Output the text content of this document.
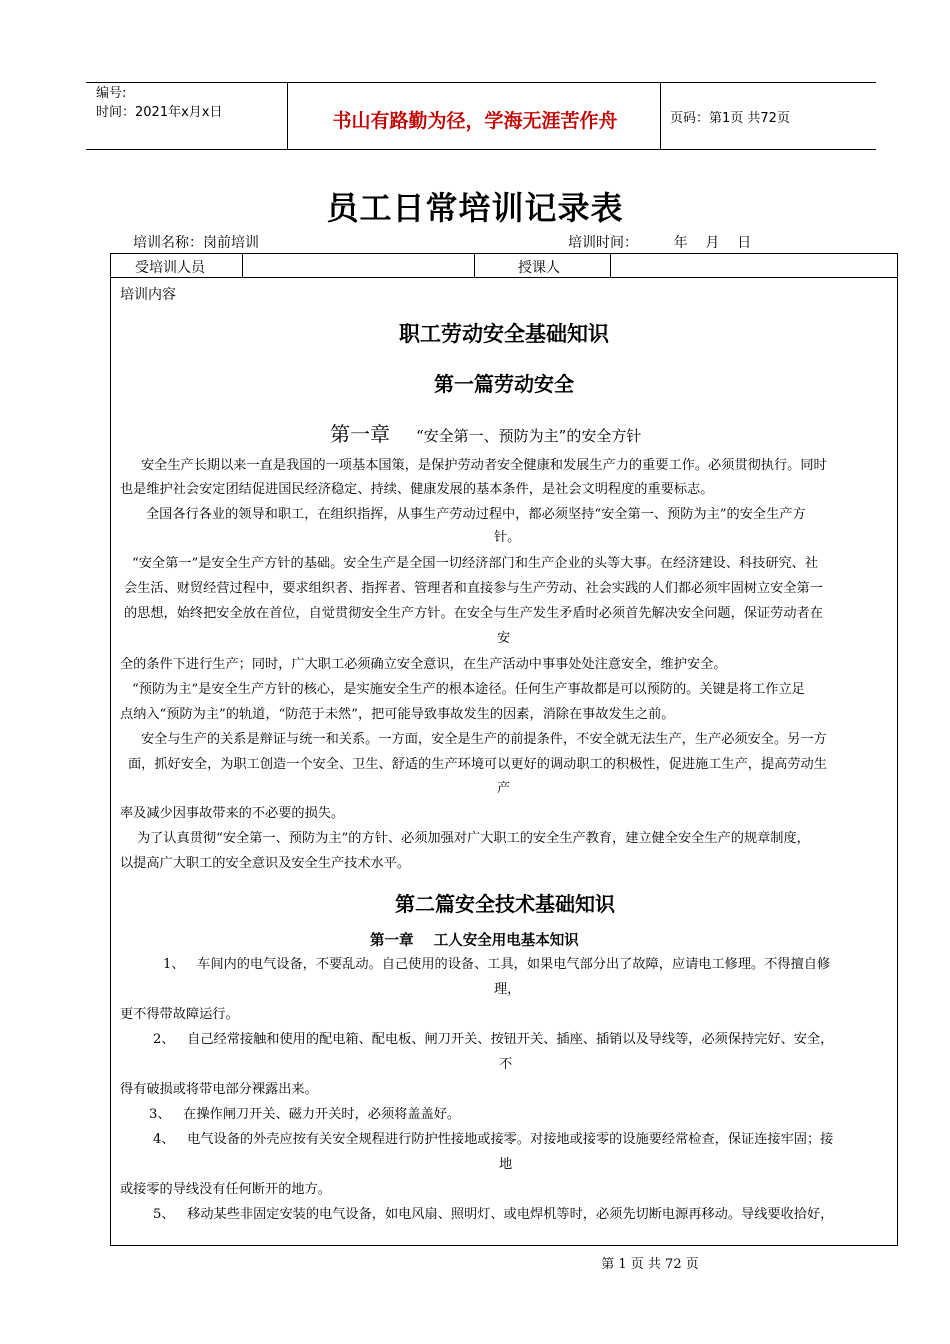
编号:
时间：2021年x月x日	书山有路勤为径，学海无涯苦作舟	页码：第1页 共72页
员工日常培训记录表
培训名称：岗前培训	培训时间：        年    月    日
受培训人员	授课人
培训内容
职工劳动安全基础知识
第一篇劳动安全
第一章 “安全第一、预防为主”的安全方针
安全生产长期以来一直是我国的一项基本国策，是保护劳动者安全健康和发展生产力的重要工作。必须贯彻执行。同时
也是维护社会安定团结促进国民经济稳定、持续、健康发展的基本条件，是社会文明程度的重要标志。
全国各行各业的领导和职工，在组织指挥，从事生产劳动过程中，都必须坚持“安全第一、预防为主”的安全生产方
针。
“安全第一”是安全生产方针的基础。安全生产是全国一切经济部门和生产企业的头等大事。在经济建设、科技研究、社
会生活、财贸经营过程中，要求组织者、指挥者、管理者和直接参与生产劳动、社会实践的人们都必须牢固树立安全第一
的思想，始终把安全放在首位，自觉贯彻安全生产方针。在安全与生产发生矛盾时必须首先解决安全问题，保证劳动者在
安
全的条件下进行生产；同时，广大职工必须确立安全意识，在生产活动中事事处处注意安全，维护安全。
“预防为主”是安全生产方针的核心，是实施安全生产的根本途径。任何生产事故都是可以预防的。关键是将工作立足
点纳入“预防为主”的轨道，“防范于未然”，把可能导致事故发生的因素，消除在事故发生之前。
安全与生产的关系是辩证与统一和关系。一方面，安全是生产的前提条件，不安全就无法生产，生产必须安全。另一方
面，抓好安全，为职工创造一个安全、卫生、舒适的生产环境可以更好的调动职工的积极性，促进施工生产，提高劳动生
产
率及减少因事故带来的不必要的损失。
为了认真贯彻“安全第一、预防为主”的方针、必须加强对广大职工的安全生产教育，建立健全安全生产的规章制度，
以提高广大职工的安全意识及安全生产技术水平。
第二篇安全技术基础知识
第一章    工人安全用电基本知识
1、   车间内的电气设备，不要乱动。自己使用的设备、工具，如果电气部分出了故障，应请电工修理。不得擅自修
理，
更不得带故障运行。
2、   自己经常接触和使用的配电箱、配电板、闸刀开关、按钮开关、插座、插销以及导线等，必须保持完好、安全，
不
得有破损或将带电部分裸露出来。
3、   在操作闸刀开关、磁力开关时，必须将盖盖好。
4、   电气设备的外壳应按有关安全规程进行防护性接地或接零。对接地或接零的设施要经常检查，保证连接牢固；接
地
或接零的导线没有任何断开的地方。
5、   移动某些非固定安装的电气设备，如电风扇、照明灯、或电焊机等时，必须先切断电源再移动。导线要收拾好，
第 1 页 共 72 页
